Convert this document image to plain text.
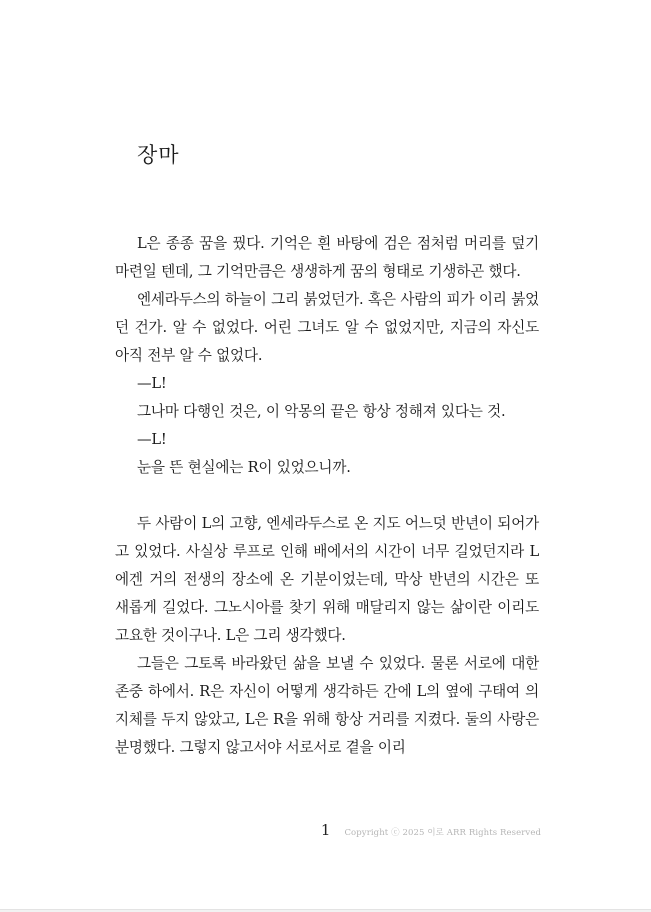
장마

L은 종종 꿈을 꿨다. 기억은 흰 바탕에 검은 점처럼 머리를 덮기 마련일 텐데, 그 기억만큼은 생생하게 꿈의 형태로 기생하곤 했다.

엔세라두스의 하늘이 그리 붉었던가. 혹은 사람의 피가 이리 붉었던 건가. 알 수 없었다. 어린 그녀도 알 수 없었지만, 지금의 자신도 아직 전부 알 수 없었다.

—L!

그나마 다행인 것은, 이 악몽의 끝은 항상 정해져 있다는 것.

—L!

눈을 뜬 현실에는 R이 있었으니까.

두 사람이 L의 고향, 엔세라두스로 온 지도 어느덧 반년이 되어가고 있었다. 사실상 루프로 인해 배에서의 시간이 너무 길었던지라 L에겐 거의 전생의 장소에 온 기분이었는데, 막상 반년의 시간은 또 새롭게 길었다. 그노시아를 찾기 위해 매달리지 않는 삶이란 이리도 고요한 것이구나. L은 그리 생각했다.

그들은 그토록 바라왔던 삶을 보낼 수 있었다. 물론 서로에 대한 존중 하에서. R은 자신이 어떻게 생각하든 간에 L의 옆에 구태여 의지체를 두지 않았고, L은 R을 위해 항상 거리를 지켰다. 둘의 사랑은 분명했다. 그렇지 않고서야 서로서로 곁을 이리

1 Copyright ⓒ 2025 이로 ARR Rights Reserved
